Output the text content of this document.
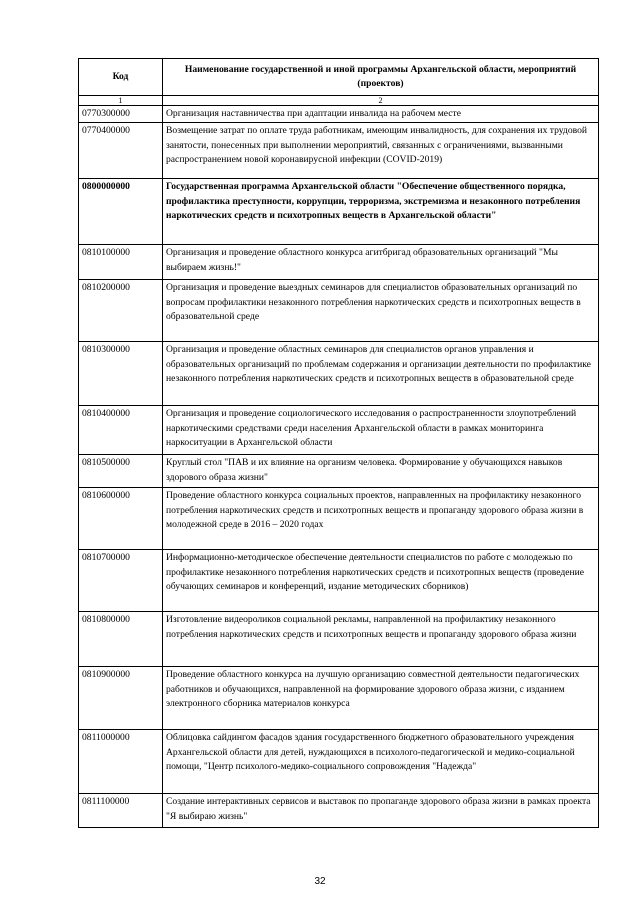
Код	Наименование государственной и иной программы Архангельской области, мероприятий (проектов)
1	2
0770300000	Организация наставничества при адаптации инвалида на рабочем месте
0770400000	Возмещение затрат по оплате труда работникам, имеющим инвалидность, для сохранения их трудовой занятости, понесенных при выполнении мероприятий, связанных с ограничениями, вызванными распространением новой коронавирусной инфекции (COVID-2019)
0800000000	Государственная программа Архангельской области "Обеспечение общественного порядка, профилактика преступности, коррупции, терроризма, экстремизма и незаконного потребления наркотических средств и психотропных веществ в Архангельской области"
0810100000	Организация и проведение областного конкурса агитбригад образовательных организаций "Мы выбираем жизнь!"
0810200000	Организация и проведение выездных семинаров для специалистов образовательных организаций по вопросам профилактики незаконного потребления наркотических средств и психотропных веществ в образовательной среде
0810300000	Организация и проведение областных семинаров для специалистов органов управления и образовательных организаций по проблемам содержания и организации деятельности по профилактике незаконного потребления наркотических средств и психотропных веществ в образовательной среде
0810400000	Организация и проведение социологического исследования о распространенности злоупотреблений наркотическими средствами среди населения Архангельской области в рамках мониторинга наркоситуации в Архангельской области
0810500000	Круглый стол "ПАВ и их влияние на организм человека. Формирование у обучающихся навыков здорового образа жизни"
0810600000	Проведение областного конкурса социальных проектов, направленных на профилактику незаконного потребления наркотических средств и психотропных веществ и пропаганду здорового образа жизни в молодежной среде в 2016 – 2020 годах
0810700000	Информационно-методическое обеспечение деятельности специалистов по работе с молодежью по профилактике незаконного потребления наркотических средств и психотропных веществ (проведение обучающих семинаров и конференций, издание методических сборников)
0810800000	Изготовление видеороликов социальной рекламы, направленной на профилактику незаконного потребления наркотических средств и психотропных веществ и пропаганду здорового образа жизни
0810900000	Проведение областного конкурса на лучшую организацию совместной деятельности педагогических работников и обучающихся, направленной на формирование здорового образа жизни, с изданием электронного сборника материалов конкурса
0811000000	Облицовка сайдингом фасадов здания государственного бюджетного образовательного учреждения Архангельской области для детей, нуждающихся в психолого-педагогической и медико-социальной помощи, "Центр психолого-медико-социального сопровождения "Надежда"
0811100000	Создание интерактивных сервисов и выставок по пропаганде здорового образа жизни в рамках проекта "Я выбираю жизнь"
32
